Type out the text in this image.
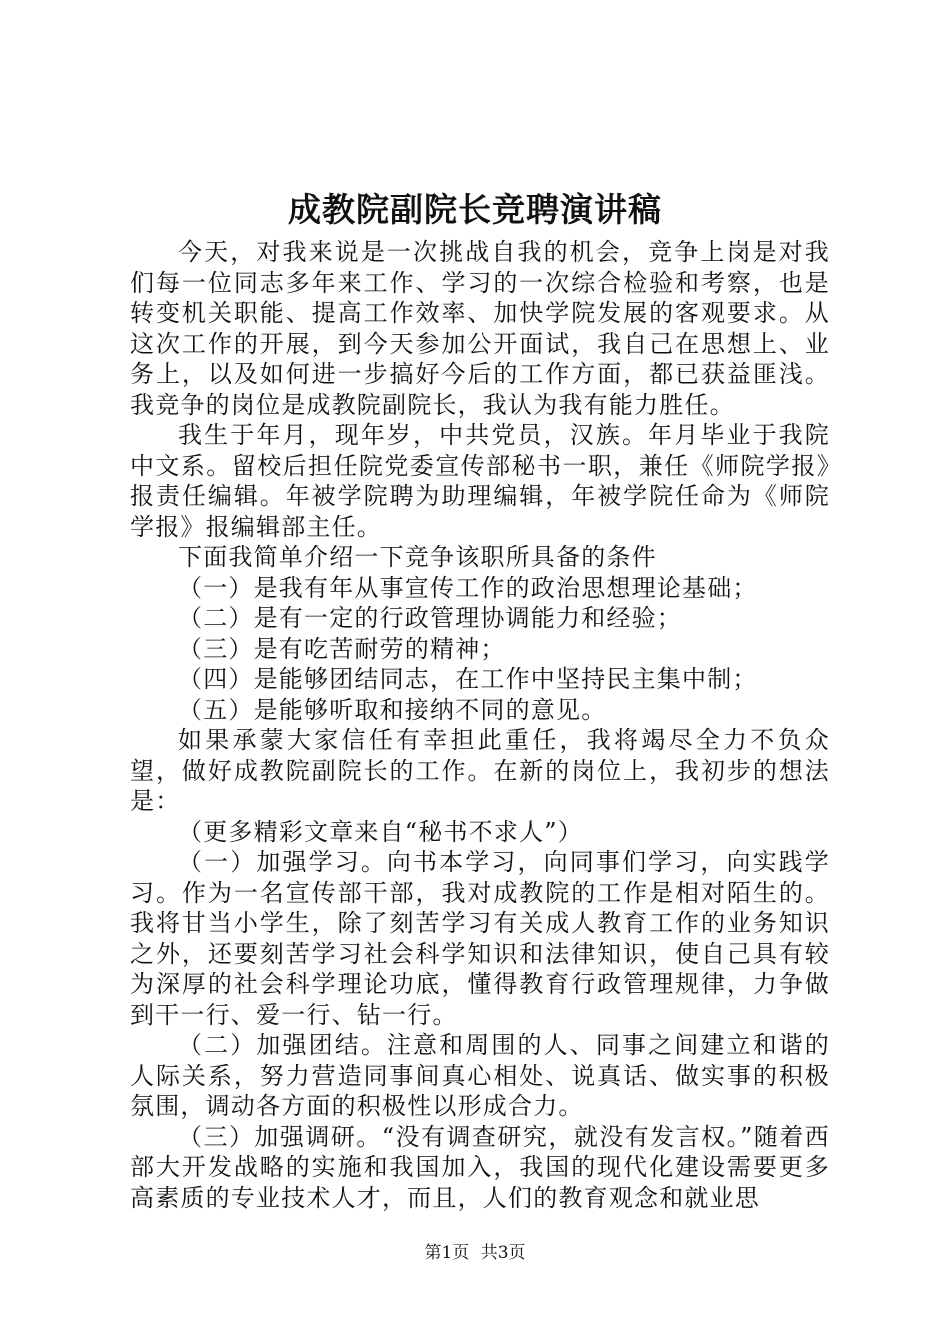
成教院副院长竞聘演讲稿

今天，对我来说是一次挑战自我的机会，竞争上岗是对我们每一位同志多年来工作、学习的一次综合检验和考察，也是转变机关职能、提高工作效率、加快学院发展的客观要求。从这次工作的开展，到今天参加公开面试，我自己在思想上、业务上，以及如何进一步搞好今后的工作方面，都已获益匪浅。我竞争的岗位是成教院副院长，我认为我有能力胜任。

我生于年月，现年岁，中共党员，汉族。年月毕业于我院中文系。留校后担任院党委宣传部秘书一职，兼任《师院学报》报责任编辑。年被学院聘为助理编辑，年被学院任命为《师院学报》报编辑部主任。

下面我简单介绍一下竞争该职所具备的条件

（一）是我有年从事宣传工作的政治思想理论基础；

（二）是有一定的行政管理协调能力和经验；

（三）是有吃苦耐劳的精神；

（四）是能够团结同志，在工作中坚持民主集中制；

（五）是能够听取和接纳不同的意见。

如果承蒙大家信任有幸担此重任，我将竭尽全力不负众望，做好成教院副院长的工作。在新的岗位上，我初步的想法是：

（更多精彩文章来自“秘书不求人”）

（一）加强学习。向书本学习，向同事们学习，向实践学习。作为一名宣传部干部，我对成教院的工作是相对陌生的。我将甘当小学生，除了刻苦学习有关成人教育工作的业务知识之外，还要刻苦学习社会科学知识和法律知识，使自己具有较为深厚的社会科学理论功底，懂得教育行政管理规律，力争做到干一行、爱一行、钻一行。

（二）加强团结。注意和周围的人、同事之间建立和谐的人际关系，努力营造同事间真心相处、说真话、做实事的积极氛围，调动各方面的积极性以形成合力。

（三）加强调研。“没有调查研究，就没有发言权。”随着西部大开发战略的实施和我国加入，我国的现代化建设需要更多高素质的专业技术人才，而且，人们的教育观念和就业思

第1页 共3页
